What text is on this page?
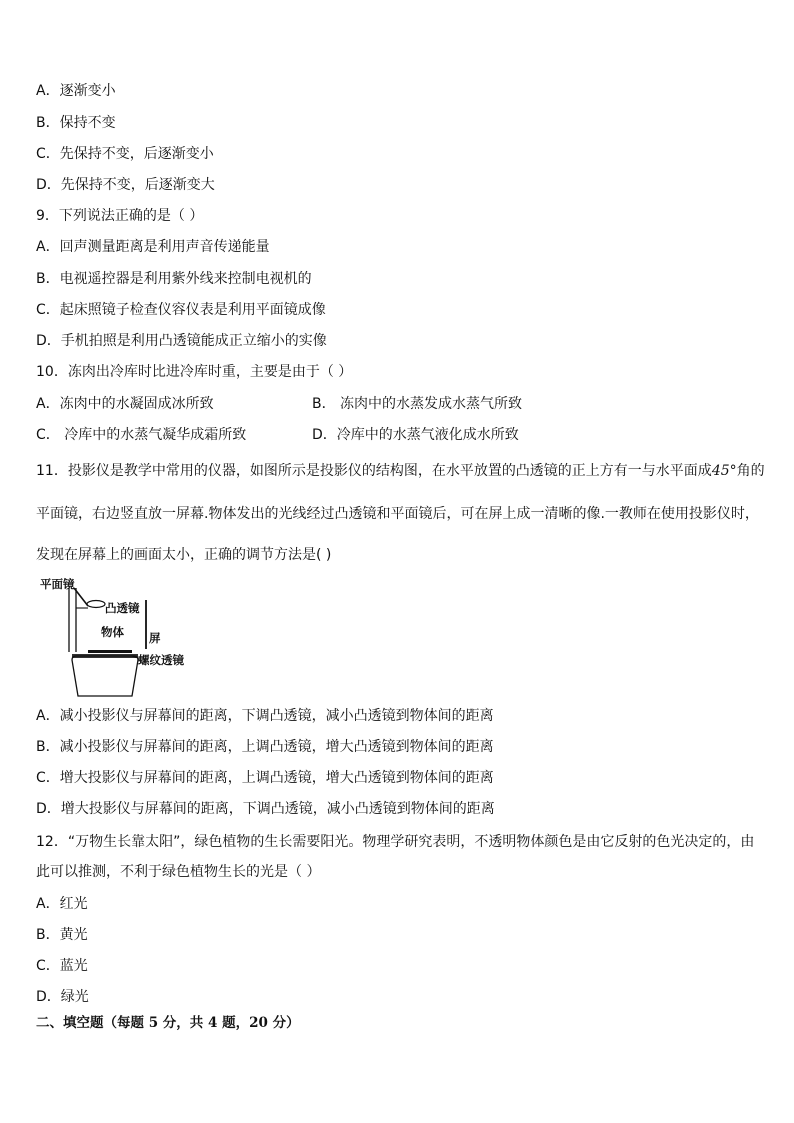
A．逐渐变小
B．保持不变
C．先保持不变，后逐渐变小
D．先保持不变，后逐渐变大
9．下列说法正确的是（ ）
A．回声测量距离是利用声音传递能量
B．电视遥控器是利用紫外线来控制电视机的
C．起床照镜子检查仪容仪表是利用平面镜成像
D．手机拍照是利用凸透镜能成正立缩小的实像
10．冻肉出冷库时比进冷库时重，主要是由于（ ）
A．冻肉中的水凝固成冰所致	B． 冻肉中的水蒸发成水蒸气所致
C． 冷库中的水蒸气凝华成霜所致	D．冷库中的水蒸气液化成水所致
11．投影仪是教学中常用的仪器，如图所示是投影仪的结构图，在水平放置的凸透镜的正上方有一与水平面成45°角的
平面镜，右边竖直放一屏幕.物体发出的光线经过凸透镜和平面镜后，可在屏上成一清晰的像.一教师在使用投影仪时，
发现在屏幕上的画面太小，正确的调节方法是( )
平面镜
凸透镜
物体 屏
螺纹透镜
A．减小投影仪与屏幕间的距离，下调凸透镜，减小凸透镜到物体间的距离
B．减小投影仪与屏幕间的距离，上调凸透镜，增大凸透镜到物体间的距离
C．增大投影仪与屏幕间的距离，上调凸透镜，增大凸透镜到物体间的距离
D．增大投影仪与屏幕间的距离，下调凸透镜，减小凸透镜到物体间的距离
12．“万物生长靠太阳”，绿色植物的生长需要阳光。物理学研究表明，不透明物体颜色是由它反射的色光决定的，由
此可以推测，不利于绿色植物生长的光是（ ）
A．红光
B．黄光
C．蓝光
D．绿光
二、填空题（每题 5 分，共 4 题，20 分）
